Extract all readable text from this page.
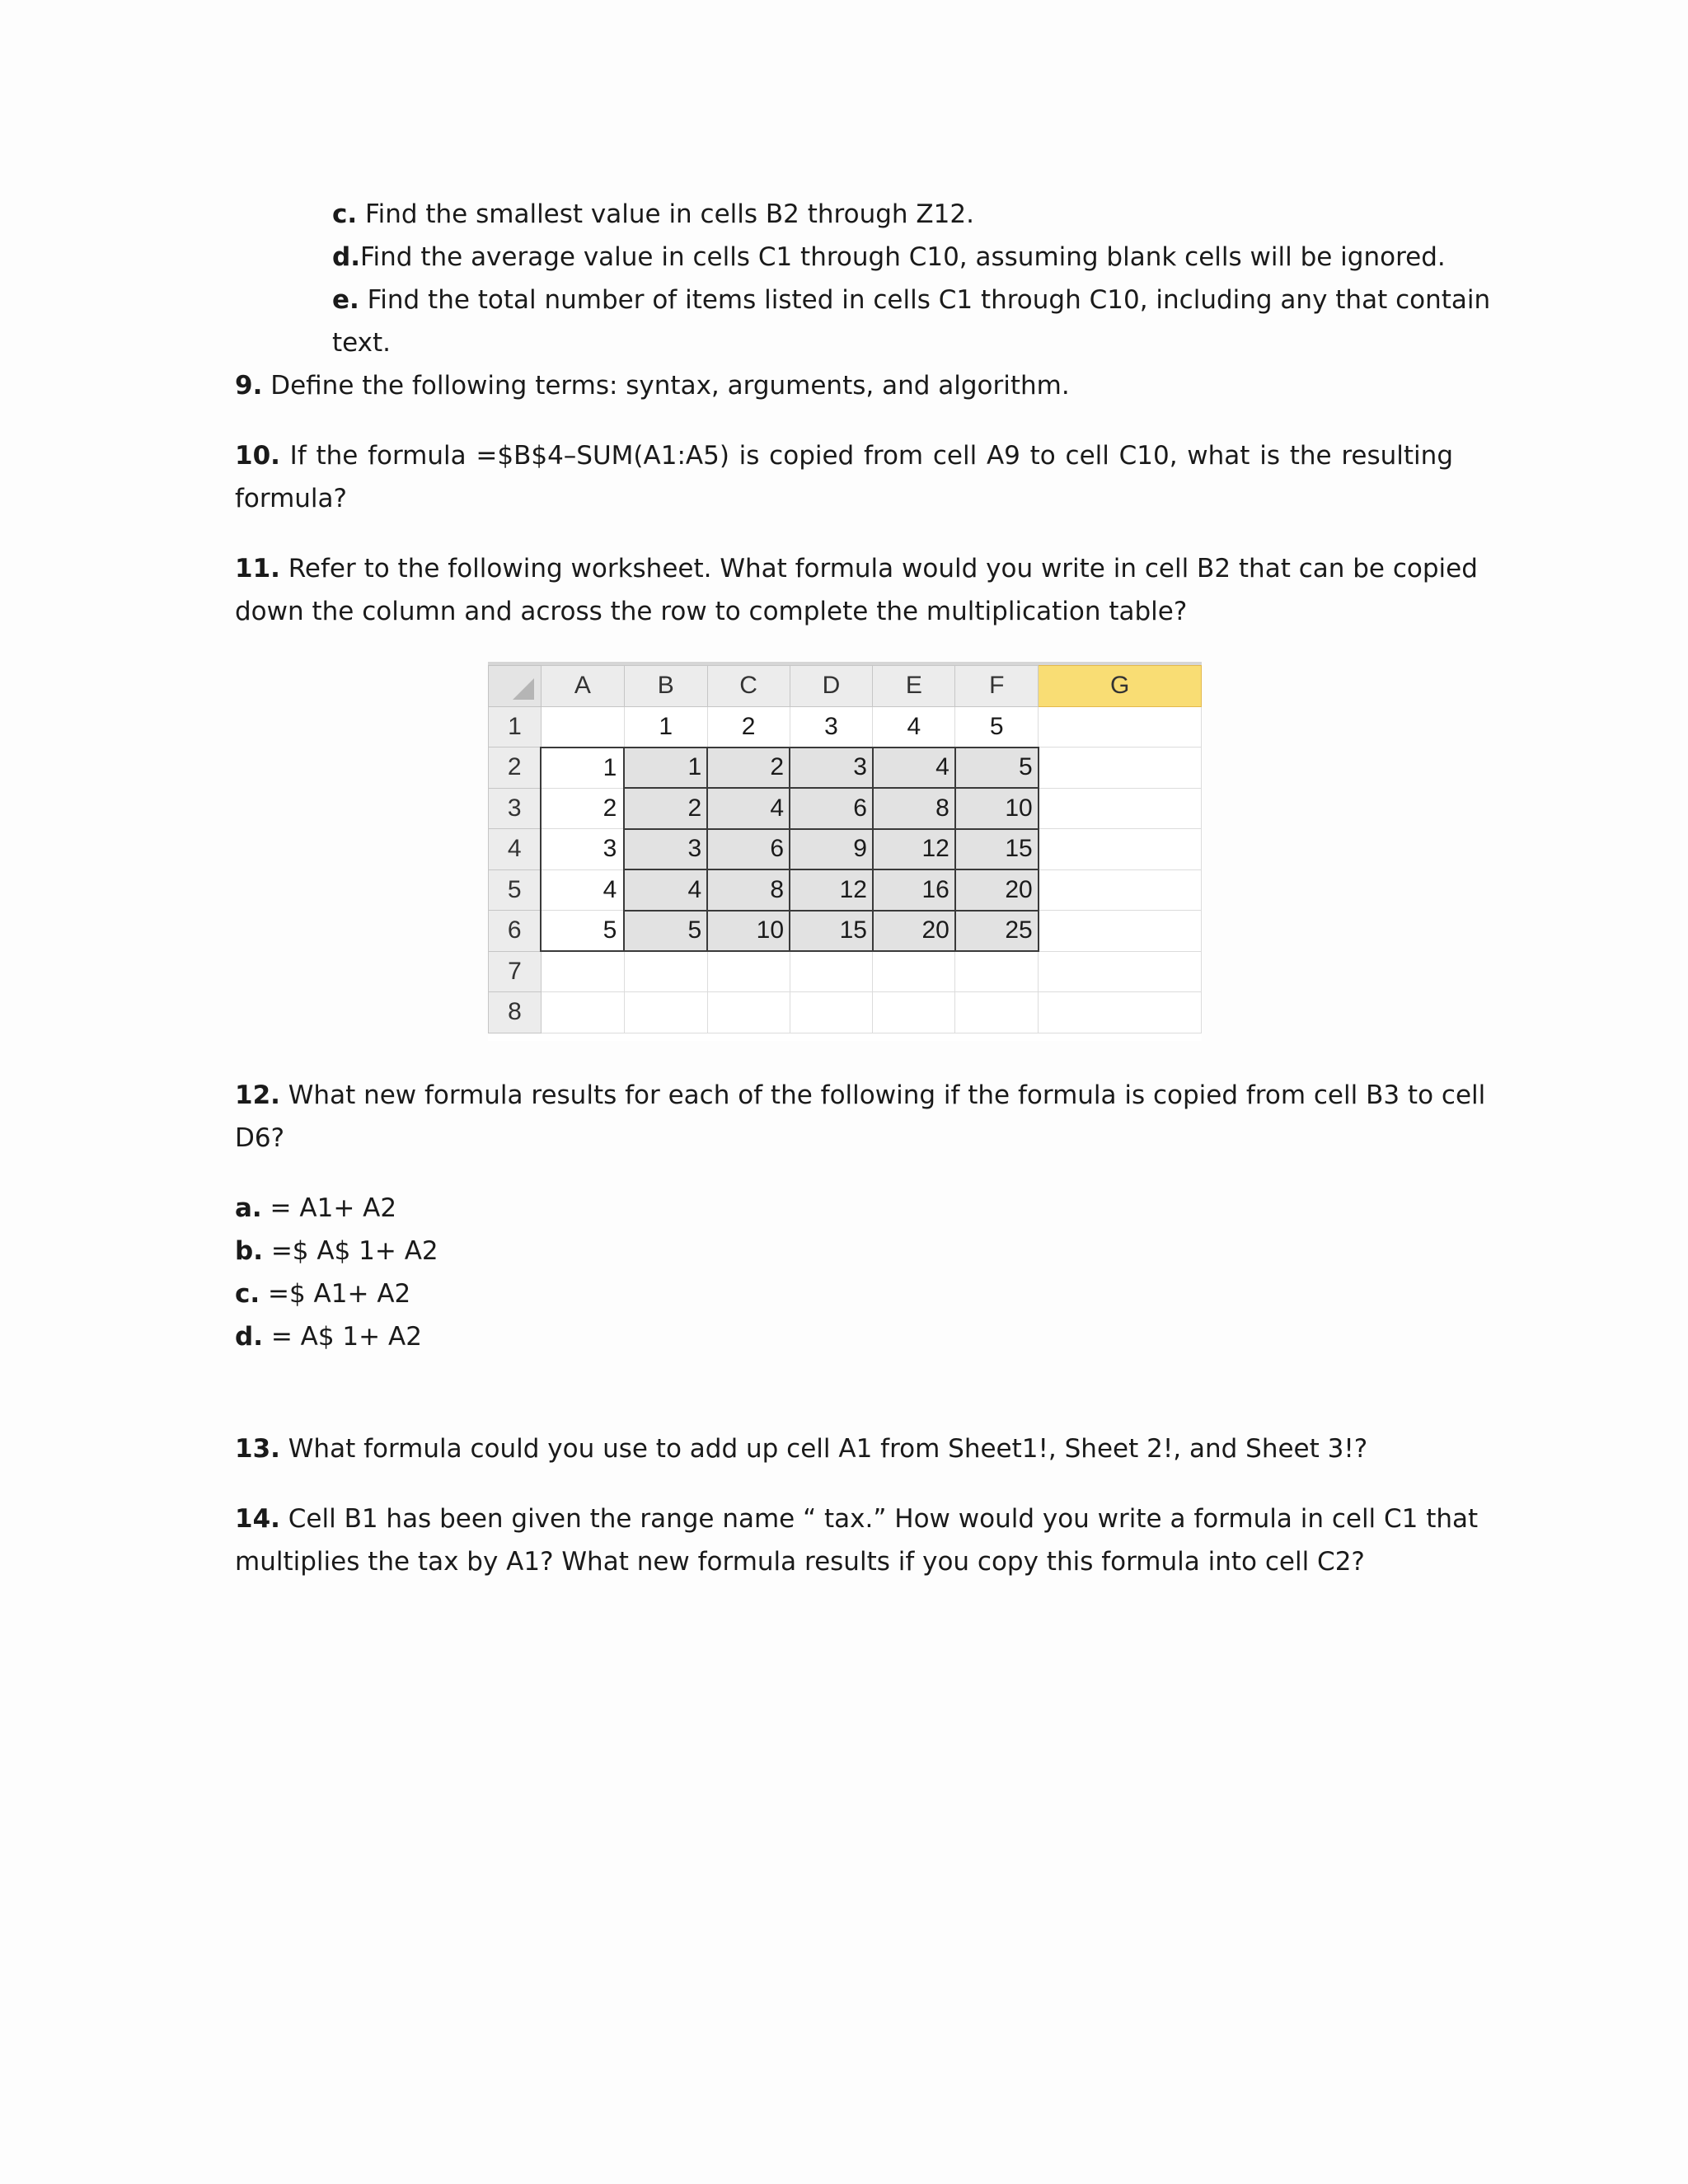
c. Find the smallest value in cells B2 through Z12.

d.Find the average value in cells C1 through C10, assuming blank cells will be ignored.

e. Find the total number of items listed in cells C1 through C10, including any that contain

text.

9. Define the following terms: syntax, arguments, and algorithm.

10. If the formula =$B$4–SUM(A1:A5) is copied from cell A9 to cell C10, what is the resulting

formula?

11. Refer to the following worksheet. What formula would you write in cell B2 that can be copied

down the column and across the row to complete the multiplication table?

	A	B	C	D	E	F	G
1		1	2	3	4	5	
2	1	1	2	3	4	5	
3	2	2	4	6	8	10	
4	3	3	6	9	12	15	
5	4	4	8	12	16	20	
6	5	5	10	15	20	25	
7							
8							

12. What new formula results for each of the following if the formula is copied from cell B3 to cell

D6?

a. = A1+ A2

b. =$ A$ 1+ A2

c. =$ A1+ A2

d. = A$ 1+ A2

13. What formula could you use to add up cell A1 from Sheet1!, Sheet 2!, and Sheet 3!?

14. Cell B1 has been given the range name “ tax.” How would you write a formula in cell C1 that

multiplies the tax by A1? What new formula results if you copy this formula into cell C2?
